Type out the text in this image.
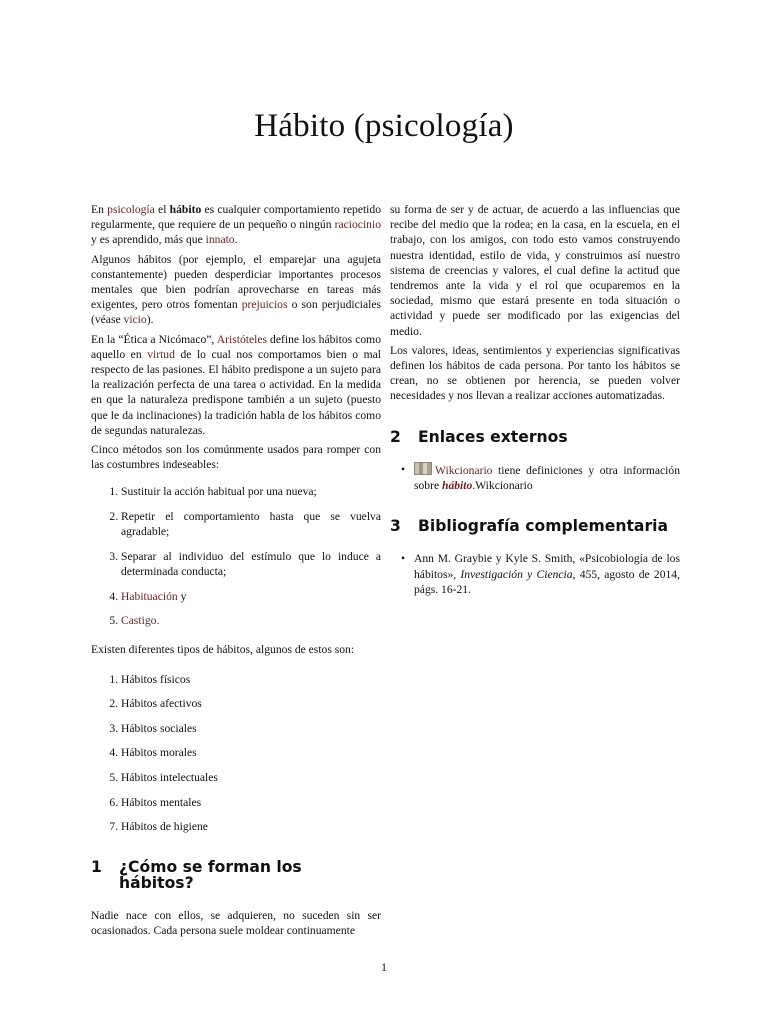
Hábito (psicología)

En psicología el hábito es cualquier comportamiento repetido regularmente, que requiere de un pequeño o ningún raciocinio y es aprendido, más que innato.

Algunos hábitos (por ejemplo, el emparejar una agujeta constantemente) pueden desperdiciar importantes procesos mentales que bien podrían aprovecharse en tareas más exigentes, pero otros fomentan prejuicios o son perjudiciales (véase vicio).

En la “Ética a Nicómaco”, Aristóteles define los hábitos como aquello en virtud de lo cual nos comportamos bien o mal respecto de las pasiones. El hábito predispone a un sujeto para la realización perfecta de una tarea o actividad. En la medida en que la naturaleza predispone también a un sujeto (puesto que le da inclinaciones) la tradición habla de los hábitos como de segundas naturalezas.

Cinco métodos son los comúnmente usados para romper con las costumbres indeseables:

1. Sustituir la acción habitual por una nueva;
2. Repetir el comportamiento hasta que se vuelva agradable;
3. Separar al individuo del estímulo que lo induce a determinada conducta;
4. Habituación y
5. Castigo.

Existen diferentes tipos de hábitos, algunos de estos son:

1. Hábitos físicos
2. Hábitos afectivos
3. Hábitos sociales
4. Hábitos morales
5. Hábitos intelectuales
6. Hábitos mentales
7. Hábitos de higiene
1 ¿Cómo se forman los hábitos?

Nadie nace con ellos, se adquieren, no suceden sin ser ocasionados. Cada persona suele moldear continuamente

su forma de ser y de actuar, de acuerdo a las influencias que recibe del medio que la rodea; en la casa, en la escuela, en el trabajo, con los amigos, con todo esto vamos construyendo nuestra identidad, estilo de vida, y construimos así nuestro sistema de creencias y valores, el cual define la actitud que tendremos ante la vida y el rol que ocuparemos en la sociedad, mismo que estará presente en toda situación o actividad y puede ser modificado por las exigencias del medio.

Los valores, ideas, sentimientos y experiencias significativas definen los hábitos de cada persona. Por tanto los hábitos se crean, no se obtienen por herencia, se pueden volver necesidades y nos llevan a realizar acciones automatizadas.

2 Enlaces externos
• Wikcionario tiene definiciones y otra información sobre hábito.Wikcionario
3 Bibliografía complementaria
• Ann M. Graybie y Kyle S. Smith, «Psicobiología de los hábitos», Investigación y Ciencia, 455, agosto de 2014, págs. 16-21.
1
